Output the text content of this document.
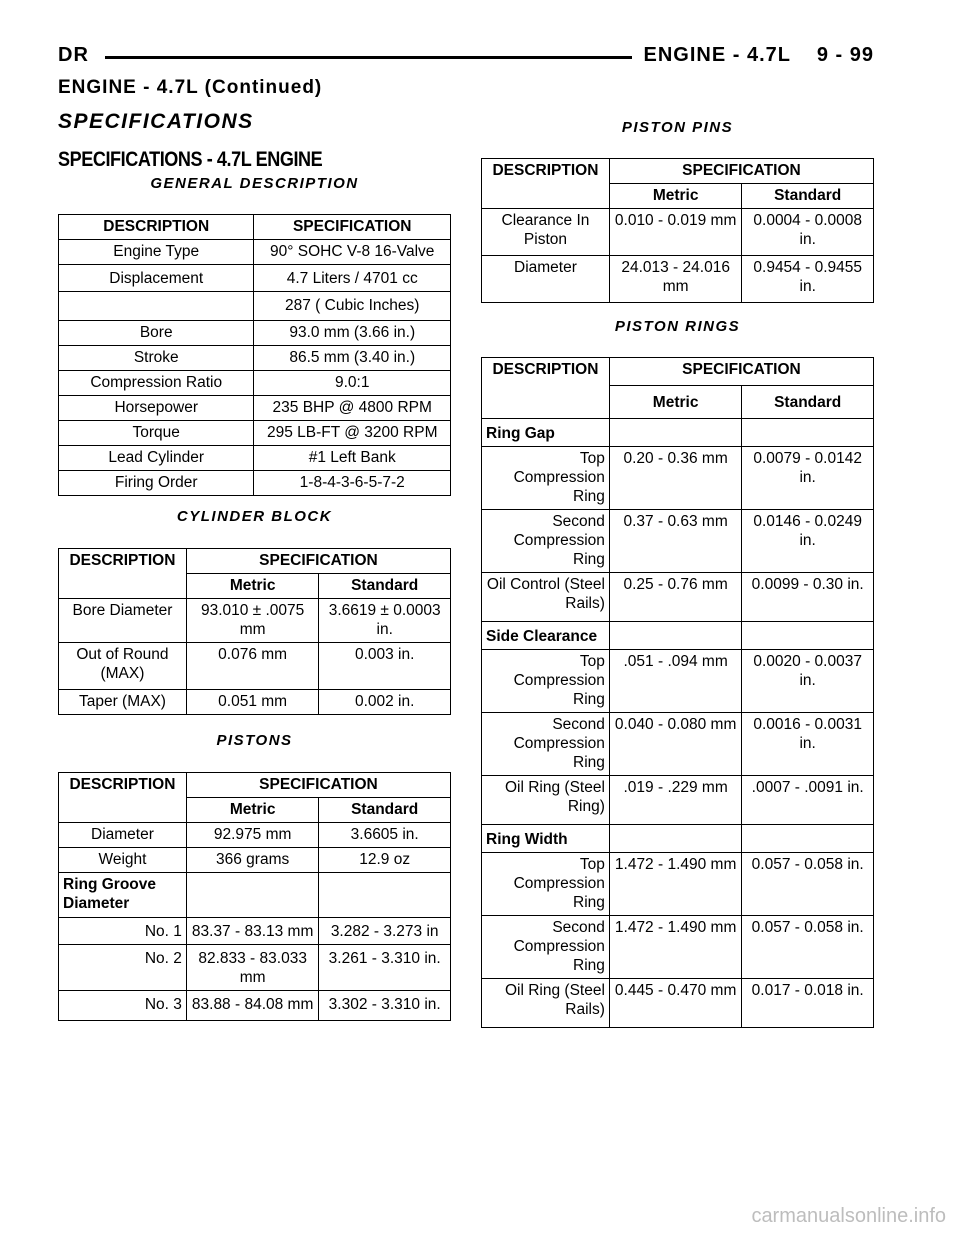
DR	ENGINE - 4.7L    9 - 99
ENGINE - 4.7L (Continued)
SPECIFICATIONS
SPECIFICATIONS - 4.7L ENGINE
GENERAL DESCRIPTION
DESCRIPTION	SPECIFICATION
Engine Type	90° SOHC V-8 16-Valve
Displacement	4.7 Liters / 4701 cc
	287 ( Cubic Inches)
Bore	93.0 mm (3.66 in.)
Stroke	86.5 mm (3.40 in.)
Compression Ratio	9.0:1
Horsepower	235 BHP @ 4800 RPM
Torque	295 LB-FT @ 3200 RPM
Lead Cylinder	#1 Left Bank
Firing Order	1-8-4-3-6-5-7-2
CYLINDER BLOCK
DESCRIPTION	SPECIFICATION	
	Metric	Standard
Bore Diameter	93.010 ± .0075 mm	3.6619 ± 0.0003 in.
Out of Round (MAX)	0.076 mm	0.003 in.
Taper (MAX)	0.051 mm	0.002 in.
PISTONS
DESCRIPTION	SPECIFICATION	
	Metric	Standard
Diameter	92.975 mm	3.6605 in.
Weight	366 grams	12.9 oz
Ring Groove Diameter		
No. 1	83.37 - 83.13 mm	3.282 - 3.273 in
No. 2	82.833 - 83.033 mm	3.261 - 3.310 in.
No. 3	83.88 - 84.08 mm	3.302 - 3.310 in.
PISTON PINS
DESCRIPTION	SPECIFICATION	
	Metric	Standard
Clearance In Piston	0.010 - 0.019 mm	0.0004 - 0.0008 in.
Diameter	24.013 - 24.016 mm	0.9454 - 0.9455 in.
PISTON RINGS
DESCRIPTION	SPECIFICATION	
	Metric	Standard
Ring Gap		
Top Compression Ring	0.20 - 0.36 mm	0.0079 - 0.0142 in.
Second Compression Ring	0.37 - 0.63 mm	0.0146 - 0.0249 in.
Oil Control (Steel Rails)	0.25 - 0.76 mm	0.0099 - 0.30 in.
Side Clearance		
Top Compression Ring	.051 - .094 mm	0.0020 - 0.0037 in.
Second Compression Ring	0.040 - 0.080 mm	0.0016 - 0.0031 in.
Oil Ring (Steel Ring)	.019 - .229 mm	.0007 - .0091 in.
Ring Width		
Top Compression Ring	1.472 - 1.490 mm	0.057 - 0.058 in.
Second Compression Ring	1.472 - 1.490 mm	0.057 - 0.058 in.
Oil Ring (Steel Rails)	0.445 - 0.470 mm	0.017 - 0.018 in.
carmanualsonline.info
